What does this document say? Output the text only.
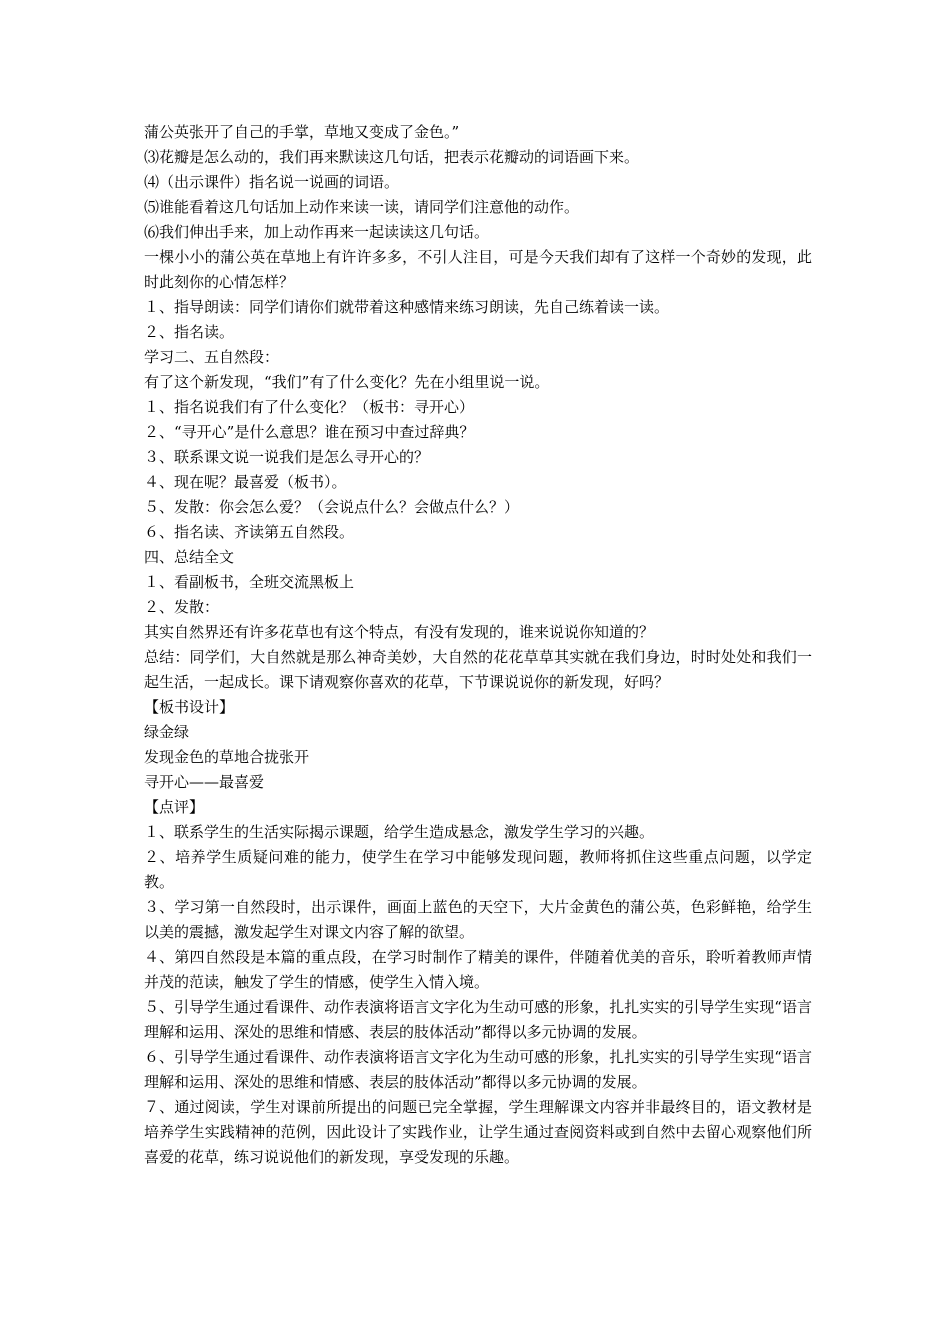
蒲公英张开了自己的手掌，草地又变成了金色。”
⑶花瓣是怎么动的，我们再来默读这几句话，把表示花瓣动的词语画下来。
⑷（出示课件）指名说一说画的词语。
⑸谁能看着这几句话加上动作来读一读，请同学们注意他的动作。
⑹我们伸出手来，加上动作再来一起读读这几句话。

一棵小小的蒲公英在草地上有许许多多，不引人注目，可是今天我们却有了这样一个奇妙的发现，此时此刻你的心情怎样？

１、指导朗读：同学们请你们就带着这种感情来练习朗读，先自己练着读一读。
２、指名读。
学习二、五自然段：
有了这个新发现，“我们”有了什么变化？先在小组里说一说。
１、指名说我们有了什么变化？（板书：寻开心）
２、“寻开心”是什么意思？谁在预习中查过辞典？
３、联系课文说一说我们是怎么寻开心的？
４、现在呢？最喜爱（板书）。
５、发散：你会怎么爱？（会说点什么？会做点什么？）
６、指名读、齐读第五自然段。
四、总结全文
１、看副板书，全班交流黑板上
２、发散：
其实自然界还有许多花草也有这个特点，有没有发现的，谁来说说你知道的？

总结：同学们，大自然就是那么神奇美妙，大自然的花花草草其实就在我们身边，时时处处和我们一起生活，一起成长。课下请观察你喜欢的花草，下节课说说你的新发现，好吗？

【板书设计】
绿金绿
发现金色的草地合拢张开
寻开心——最喜爱
【点评】

１、联系学生的生活实际揭示课题，给学生造成悬念，激发学生学习的兴趣。

２、培养学生质疑问难的能力，使学生在学习中能够发现问题，教师将抓住这些重点问题，以学定教。

３、学习第一自然段时，出示课件，画面上蓝色的天空下，大片金黄色的蒲公英，色彩鲜艳，给学生以美的震撼，激发起学生对课文内容了解的欲望。

４、第四自然段是本篇的重点段，在学习时制作了精美的课件，伴随着优美的音乐，聆听着教师声情并茂的范读，触发了学生的情感，使学生入情入境。

５、引导学生通过看课件、动作表演将语言文字化为生动可感的形象，扎扎实实的引导学生实现“语言理解和运用、深处的思维和情感、表层的肢体活动”都得以多元协调的发展。

６、引导学生通过看课件、动作表演将语言文字化为生动可感的形象，扎扎实实的引导学生实现“语言理解和运用、深处的思维和情感、表层的肢体活动”都得以多元协调的发展。

７、通过阅读，学生对课前所提出的问题已完全掌握，学生理解课文内容并非最终目的，语文教材是培养学生实践精神的范例，因此设计了实践作业，让学生通过查阅资料或到自然中去留心观察他们所喜爱的花草，练习说说他们的新发现，享受发现的乐趣。
